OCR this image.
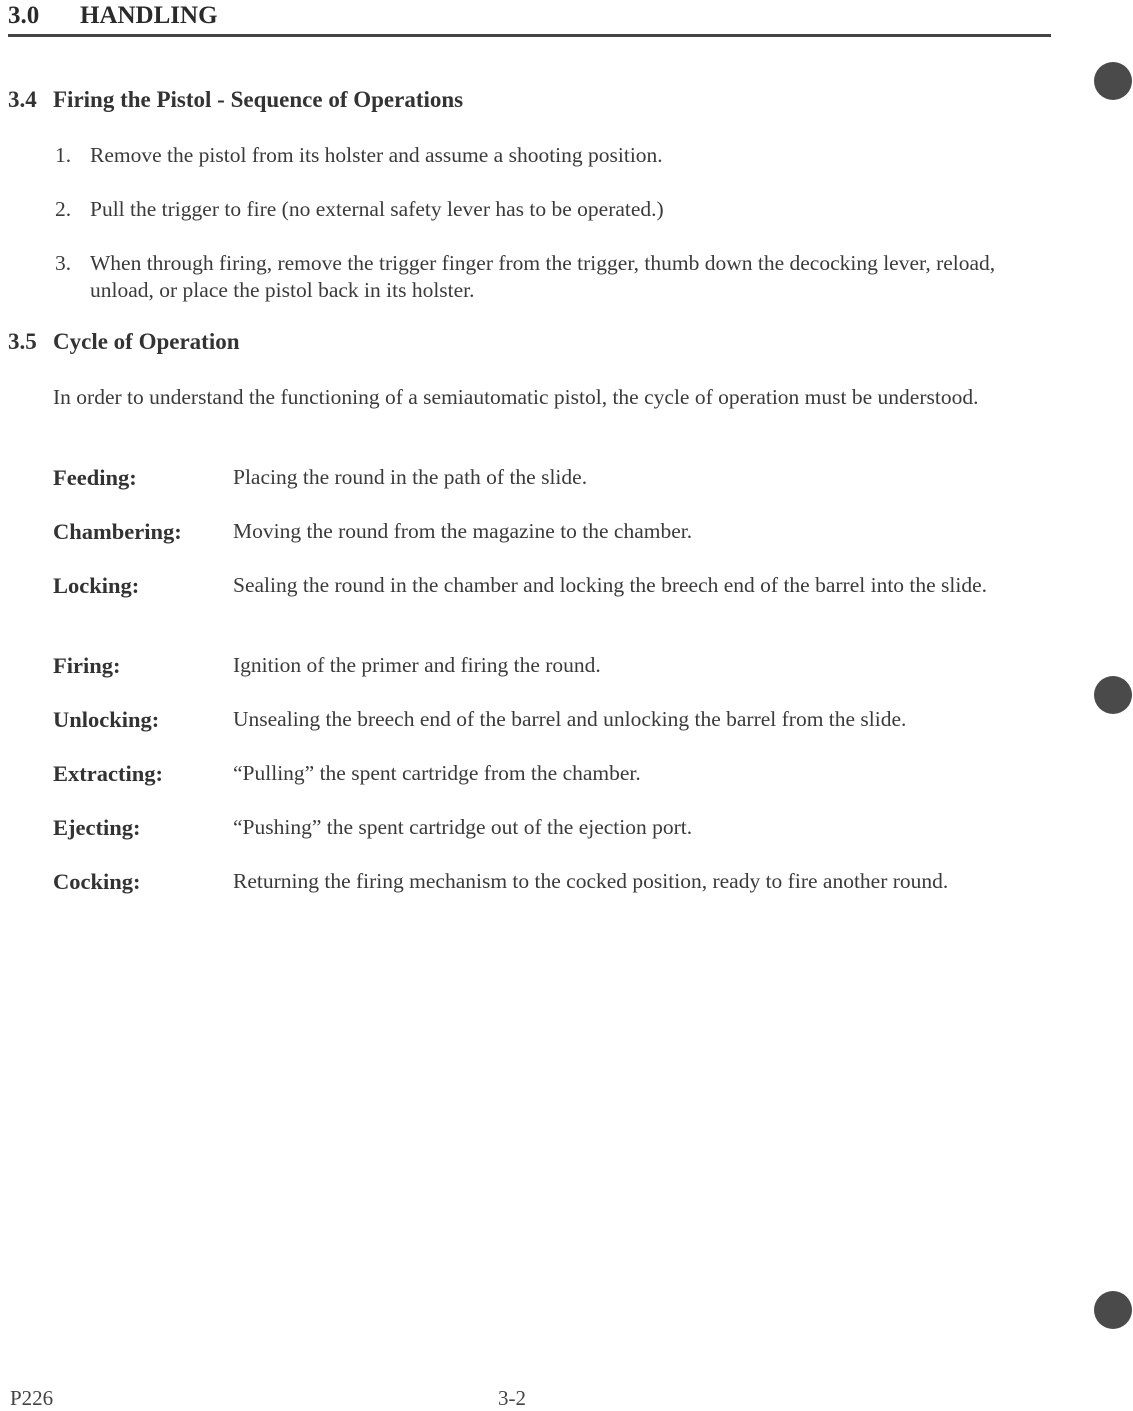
3.0 HANDLING
3.4 Firing the Pistol - Sequence of Operations
1. Remove the pistol from its holster and assume a shooting position.
2. Pull the trigger to fire (no external safety lever has to be operated.)
3. When through firing, remove the trigger finger from the trigger, thumb down the decocking lever, reload, unload, or place the pistol back in its holster.
3.5 Cycle of Operation
In order to understand the functioning of a semiautomatic pistol, the cycle of operation must be understood.
Feeding:	Placing the round in the path of the slide.
Chambering: Moving the round from the magazine to the chamber.
Locking:	Sealing the round in the chamber and locking the breech end of the barrel into the slide.
Firing:	Ignition of the primer and firing the round.
Unlocking:	Unsealing the breech end of the barrel and unlocking the barrel from the slide.
Extracting:	“Pulling” the spent cartridge from the chamber.
Ejecting:	“Pushing” the spent cartridge out of the ejection port.
Cocking:	Returning the firing mechanism to the cocked position, ready to fire another round.
P226	3-2
